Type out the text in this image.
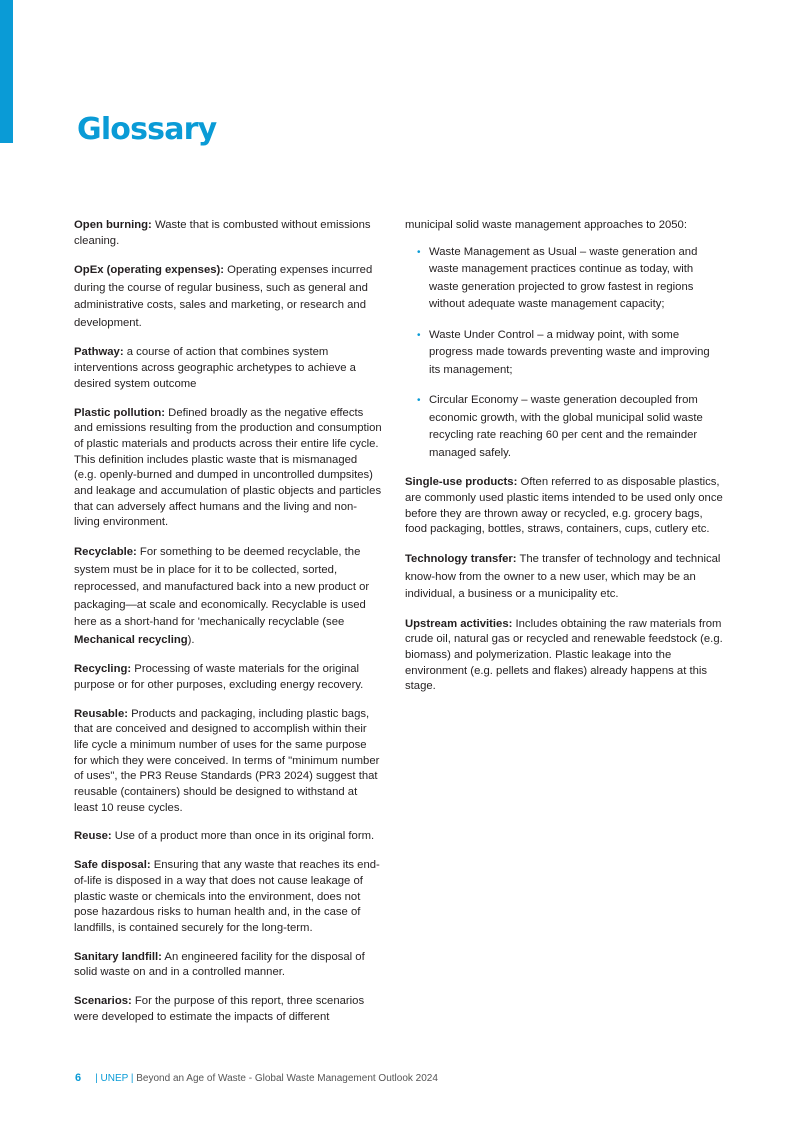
Glossary

Open burning: Waste that is combusted without emissions cleaning.

OpEx (operating expenses): Operating expenses incurred during the course of regular business, such as general and administrative costs, sales and marketing, or research and development.

Pathway: a course of action that combines system interventions across geographic archetypes to achieve a desired system outcome

Plastic pollution: Defined broadly as the negative effects and emissions resulting from the production and consumption of plastic materials and products across their entire life cycle. This definition includes plastic waste that is mismanaged (e.g. openly-burned and dumped in uncontrolled dumpsites) and leakage and accumulation of plastic objects and particles that can adversely affect humans and the living and non-living environment.

Recyclable: For something to be deemed recyclable, the system must be in place for it to be collected, sorted, reprocessed, and manufactured back into a new product or packaging—at scale and economically. Recyclable is used here as a short-hand for 'mechanically recyclable (see Mechanical recycling).

Recycling: Processing of waste materials for the original purpose or for other purposes, excluding energy recovery.

Reusable: Products and packaging, including plastic bags, that are conceived and designed to accomplish within their life cycle a minimum number of uses for the same purpose for which they were conceived. In terms of "minimum number of uses", the PR3 Reuse Standards (PR3 2024) suggest that reusable (containers) should be designed to withstand at least 10 reuse cycles.

Reuse: Use of a product more than once in its original form.

Safe disposal: Ensuring that any waste that reaches its end-of-life is disposed in a way that does not cause leakage of plastic waste or chemicals into the environment, does not pose hazardous risks to human health and, in the case of landfills, is contained securely for the long-term.

Sanitary landfill: An engineered facility for the disposal of solid waste on and in a controlled manner.

Scenarios: For the purpose of this report, three scenarios were developed to estimate the impacts of different

municipal solid waste management approaches to 2050:

• Waste Management as Usual – waste generation and waste management practices continue as today, with waste generation projected to grow fastest in regions without adequate waste management capacity;
• Waste Under Control – a midway point, with some progress made towards preventing waste and improving its management;
• Circular Economy – waste generation decoupled from economic growth, with the global municipal solid waste recycling rate reaching 60 per cent and the remainder managed safely.

Single-use products: Often referred to as disposable plastics, are commonly used plastic items intended to be used only once before they are thrown away or recycled, e.g. grocery bags, food packaging, bottles, straws, containers, cups, cutlery etc.

Technology transfer: The transfer of technology and technical know-how from the owner to a new user, which may be an individual, a business or a municipality etc.

Upstream activities: Includes obtaining the raw materials from crude oil, natural gas or recycled and renewable feedstock (e.g. biomass) and polymerization. Plastic leakage into the environment (e.g. pellets and flakes) already happens at this stage.

6 | UNEP | Beyond an Age of Waste - Global Waste Management Outlook 2024
